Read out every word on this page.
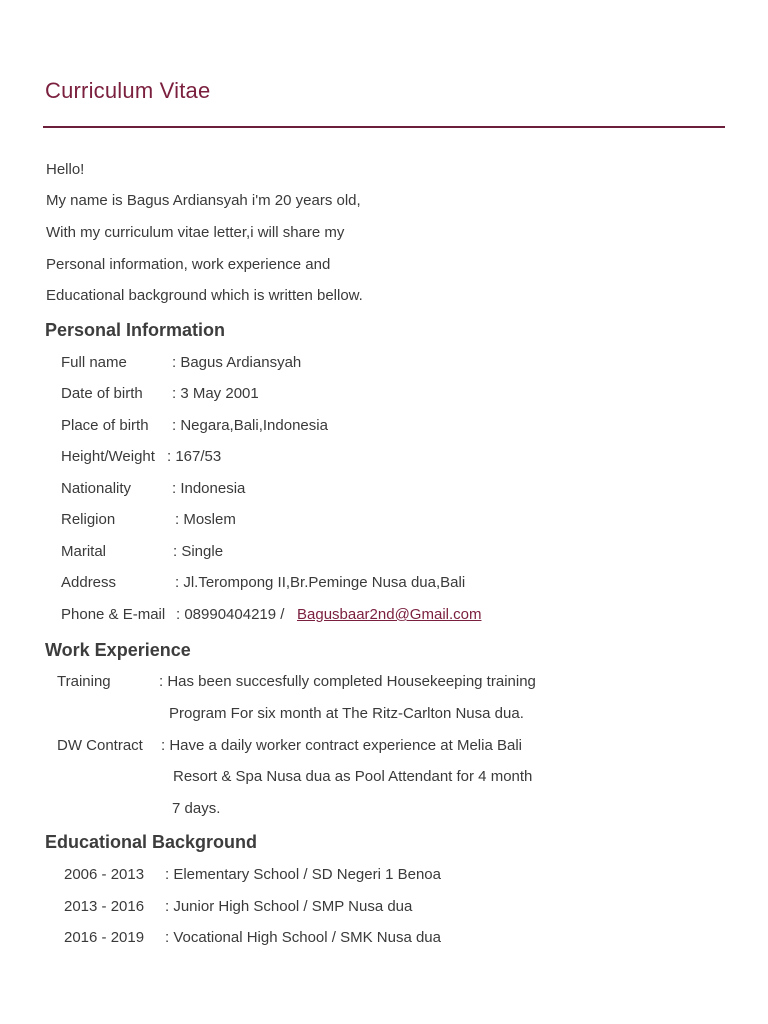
Curriculum Vitae
Hello!
My name is Bagus Ardiansyah i'm 20 years old,
With my curriculum vitae letter,i will share my
Personal information, work experience and
Educational background which is written bellow.
Personal Information
Full name	: Bagus Ardiansyah
Date of birth : 3 May 2001
Place of birth : Negara,Bali,Indonesia
Height/Weight : 167/53
Nationality	: Indonesia
Religion	: Moslem
Marital	: Single
Address	: Jl.Terompong II,Br.Peminge Nusa dua,Bali
Phone & E-mail : 08990404219 / Bagusbaar2nd@Gmail.com
Work Experience
Training	: Has been succesfully completed Housekeeping training
Program For six month at The Ritz-Carlton Nusa dua.
DW Contract : Have a daily worker contract experience at Melia Bali
Resort & Spa Nusa dua as Pool Attendant for 4 month
7 days.
Educational Background
2006 - 2013 : Elementary School / SD Negeri 1 Benoa
2013 - 2016 : Junior High School / SMP Nusa dua
2016 - 2019 : Vocational High School / SMK Nusa dua
